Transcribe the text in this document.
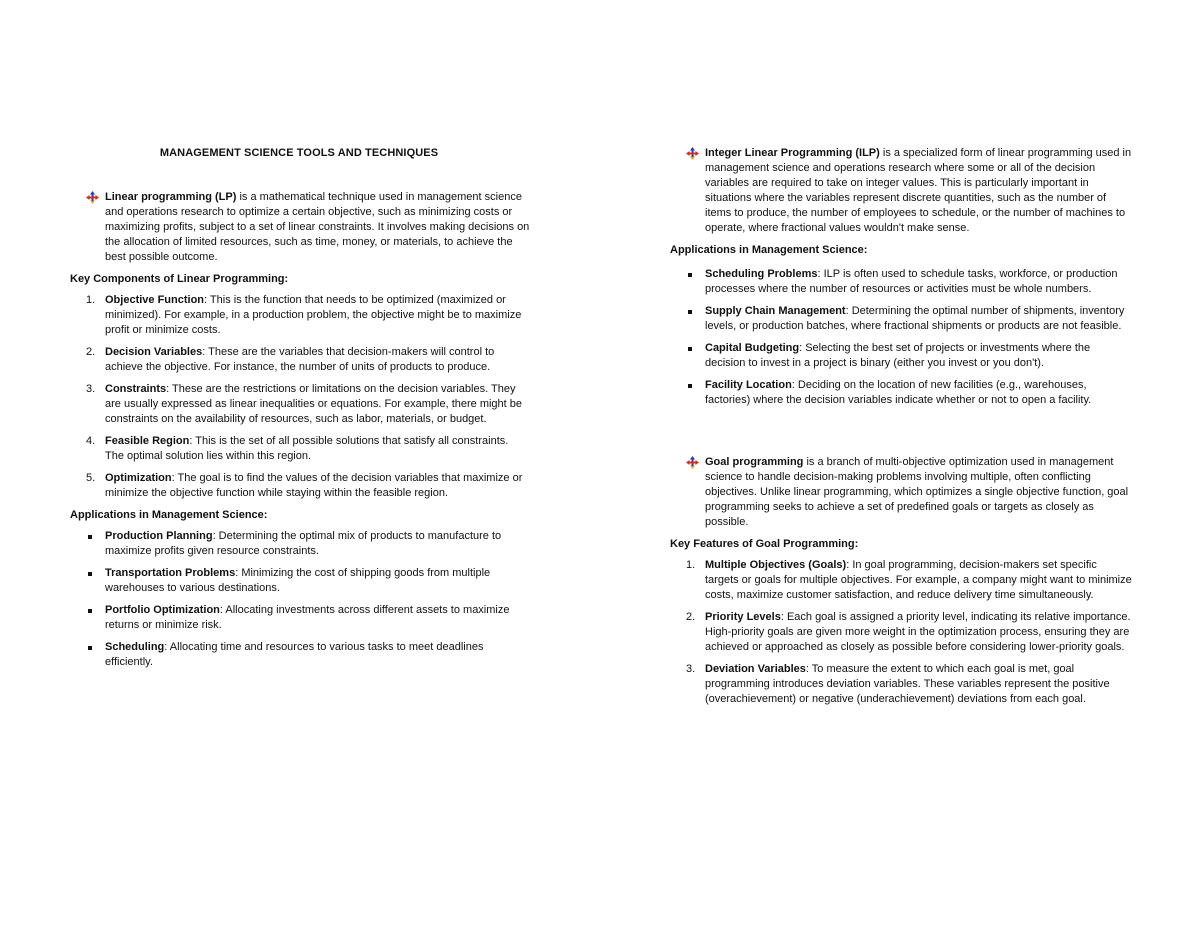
MANAGEMENT SCIENCE TOOLS AND TECHNIQUES

Linear programming (LP) is a mathematical technique used in management science and operations research to optimize a certain objective, such as minimizing costs or maximizing profits, subject to a set of linear constraints. It involves making decisions on the allocation of limited resources, such as time, money, or materials, to achieve the best possible outcome.

Key Components of Linear Programming:
1. Objective Function: This is the function that needs to be optimized (maximized or minimized). For example, in a production problem, the objective might be to maximize profit or minimize costs.
2. Decision Variables: These are the variables that decision-makers will control to achieve the objective. For instance, the number of units of products to produce.
3. Constraints: These are the restrictions or limitations on the decision variables. They are usually expressed as linear inequalities or equations. For example, there might be constraints on the availability of resources, such as labor, materials, or budget.
4. Feasible Region: This is the set of all possible solutions that satisfy all constraints. The optimal solution lies within this region.
5. Optimization: The goal is to find the values of the decision variables that maximize or minimize the objective function while staying within the feasible region.
Applications in Management Science:
Production Planning: Determining the optimal mix of products to manufacture to maximize profits given resource constraints.
Transportation Problems: Minimizing the cost of shipping goods from multiple warehouses to various destinations.
Portfolio Optimization: Allocating investments across different assets to maximize returns or minimize risk.
Scheduling: Allocating time and resources to various tasks to meet deadlines efficiently.

Integer Linear Programming (ILP) is a specialized form of linear programming used in management science and operations research where some or all of the decision variables are required to take on integer values. This is particularly important in situations where the variables represent discrete quantities, such as the number of items to produce, the number of employees to schedule, or the number of machines to operate, where fractional values wouldn't make sense.

Applications in Management Science:
Scheduling Problems: ILP is often used to schedule tasks, workforce, or production processes where the number of resources or activities must be whole numbers.
Supply Chain Management: Determining the optimal number of shipments, inventory levels, or production batches, where fractional shipments or products are not feasible.
Capital Budgeting: Selecting the best set of projects or investments where the decision to invest in a project is binary (either you invest or you don't).
Facility Location: Deciding on the location of new facilities (e.g., warehouses, factories) where the decision variables indicate whether or not to open a facility.

Goal programming is a branch of multi-objective optimization used in management science to handle decision-making problems involving multiple, often conflicting objectives. Unlike linear programming, which optimizes a single objective function, goal programming seeks to achieve a set of predefined goals or targets as closely as possible.

Key Features of Goal Programming:
1. Multiple Objectives (Goals): In goal programming, decision-makers set specific targets or goals for multiple objectives. For example, a company might want to minimize costs, maximize customer satisfaction, and reduce delivery time simultaneously.
2. Priority Levels: Each goal is assigned a priority level, indicating its relative importance. High-priority goals are given more weight in the optimization process, ensuring they are achieved or approached as closely as possible before considering lower-priority goals.
3. Deviation Variables: To measure the extent to which each goal is met, goal programming introduces deviation variables. These variables represent the positive (overachievement) or negative (underachievement) deviations from each goal.
